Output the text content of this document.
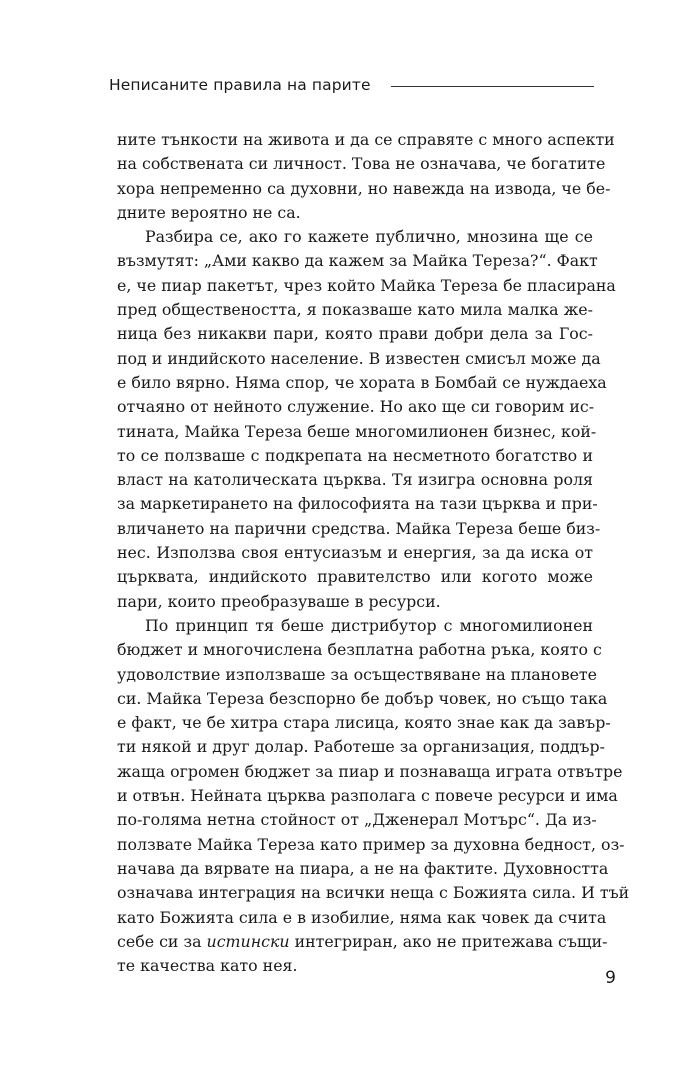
Неписаните правила на парите
ните тънкости на живота и да се справяте с много аспекти
на собствената си личност. Това не означава, че богатите
хора непременно са духовни, но навежда на извода, че бе-
дните вероятно не са.
Разбира се, ако го кажете публично, мнозина ще се
възмутят: „Ами какво да кажем за Майка Тереза?“. Факт
е, че пиар пакетът, чрез който Майка Тереза бе пласирана
пред обществеността, я показваше като мила малка же-
ница без никакви пари, която прави добри дела за Гос-
под и индийското население. В известен смисъл може да
е било вярно. Няма спор, че хората в Бомбай се нуждаеха
отчаяно от нейното служение. Но ако ще си говорим ис-
тината, Майка Тереза беше многомилионен бизнес, кой-
то се ползваше с подкрепата на несметното богатство и
власт на католическата църква. Тя изигра основна роля
за маркетирането на философията на тази църква и при-
вличането на парични средства. Майка Тереза беше биз-
нес. Използва своя ентусиазъм и енергия, за да иска от
църквата, индийското правителство или когото може
пари, които преобразуваше в ресурси.
По принцип тя беше дистрибутор с многомилионен
бюджет и многочислена безплатна работна ръка, която с
удоволствие използваше за осъществяване на плановете
си. Майка Тереза безспорно бе добър човек, но също така
е факт, че бе хитра стара лисица, която знае как да завър-
ти някой и друг долар. Работеше за организация, поддър-
жаща огромен бюджет за пиар и познаваща играта отвътре
и отвън. Нейната църква разполага с повече ресурси и има
по-голяма нетна стойност от „Дженерал Мотърс“. Да из-
ползвате Майка Тереза като пример за духовна бедност, оз-
начава да вярвате на пиара, а не на фактите. Духовността
означава интеграция на всички неща с Божията сила. И тъй
като Божията сила е в изобилие, няма как човек да счита
себе си за истински интегриран, ако не притежава същи-
те качества като нея.
9
